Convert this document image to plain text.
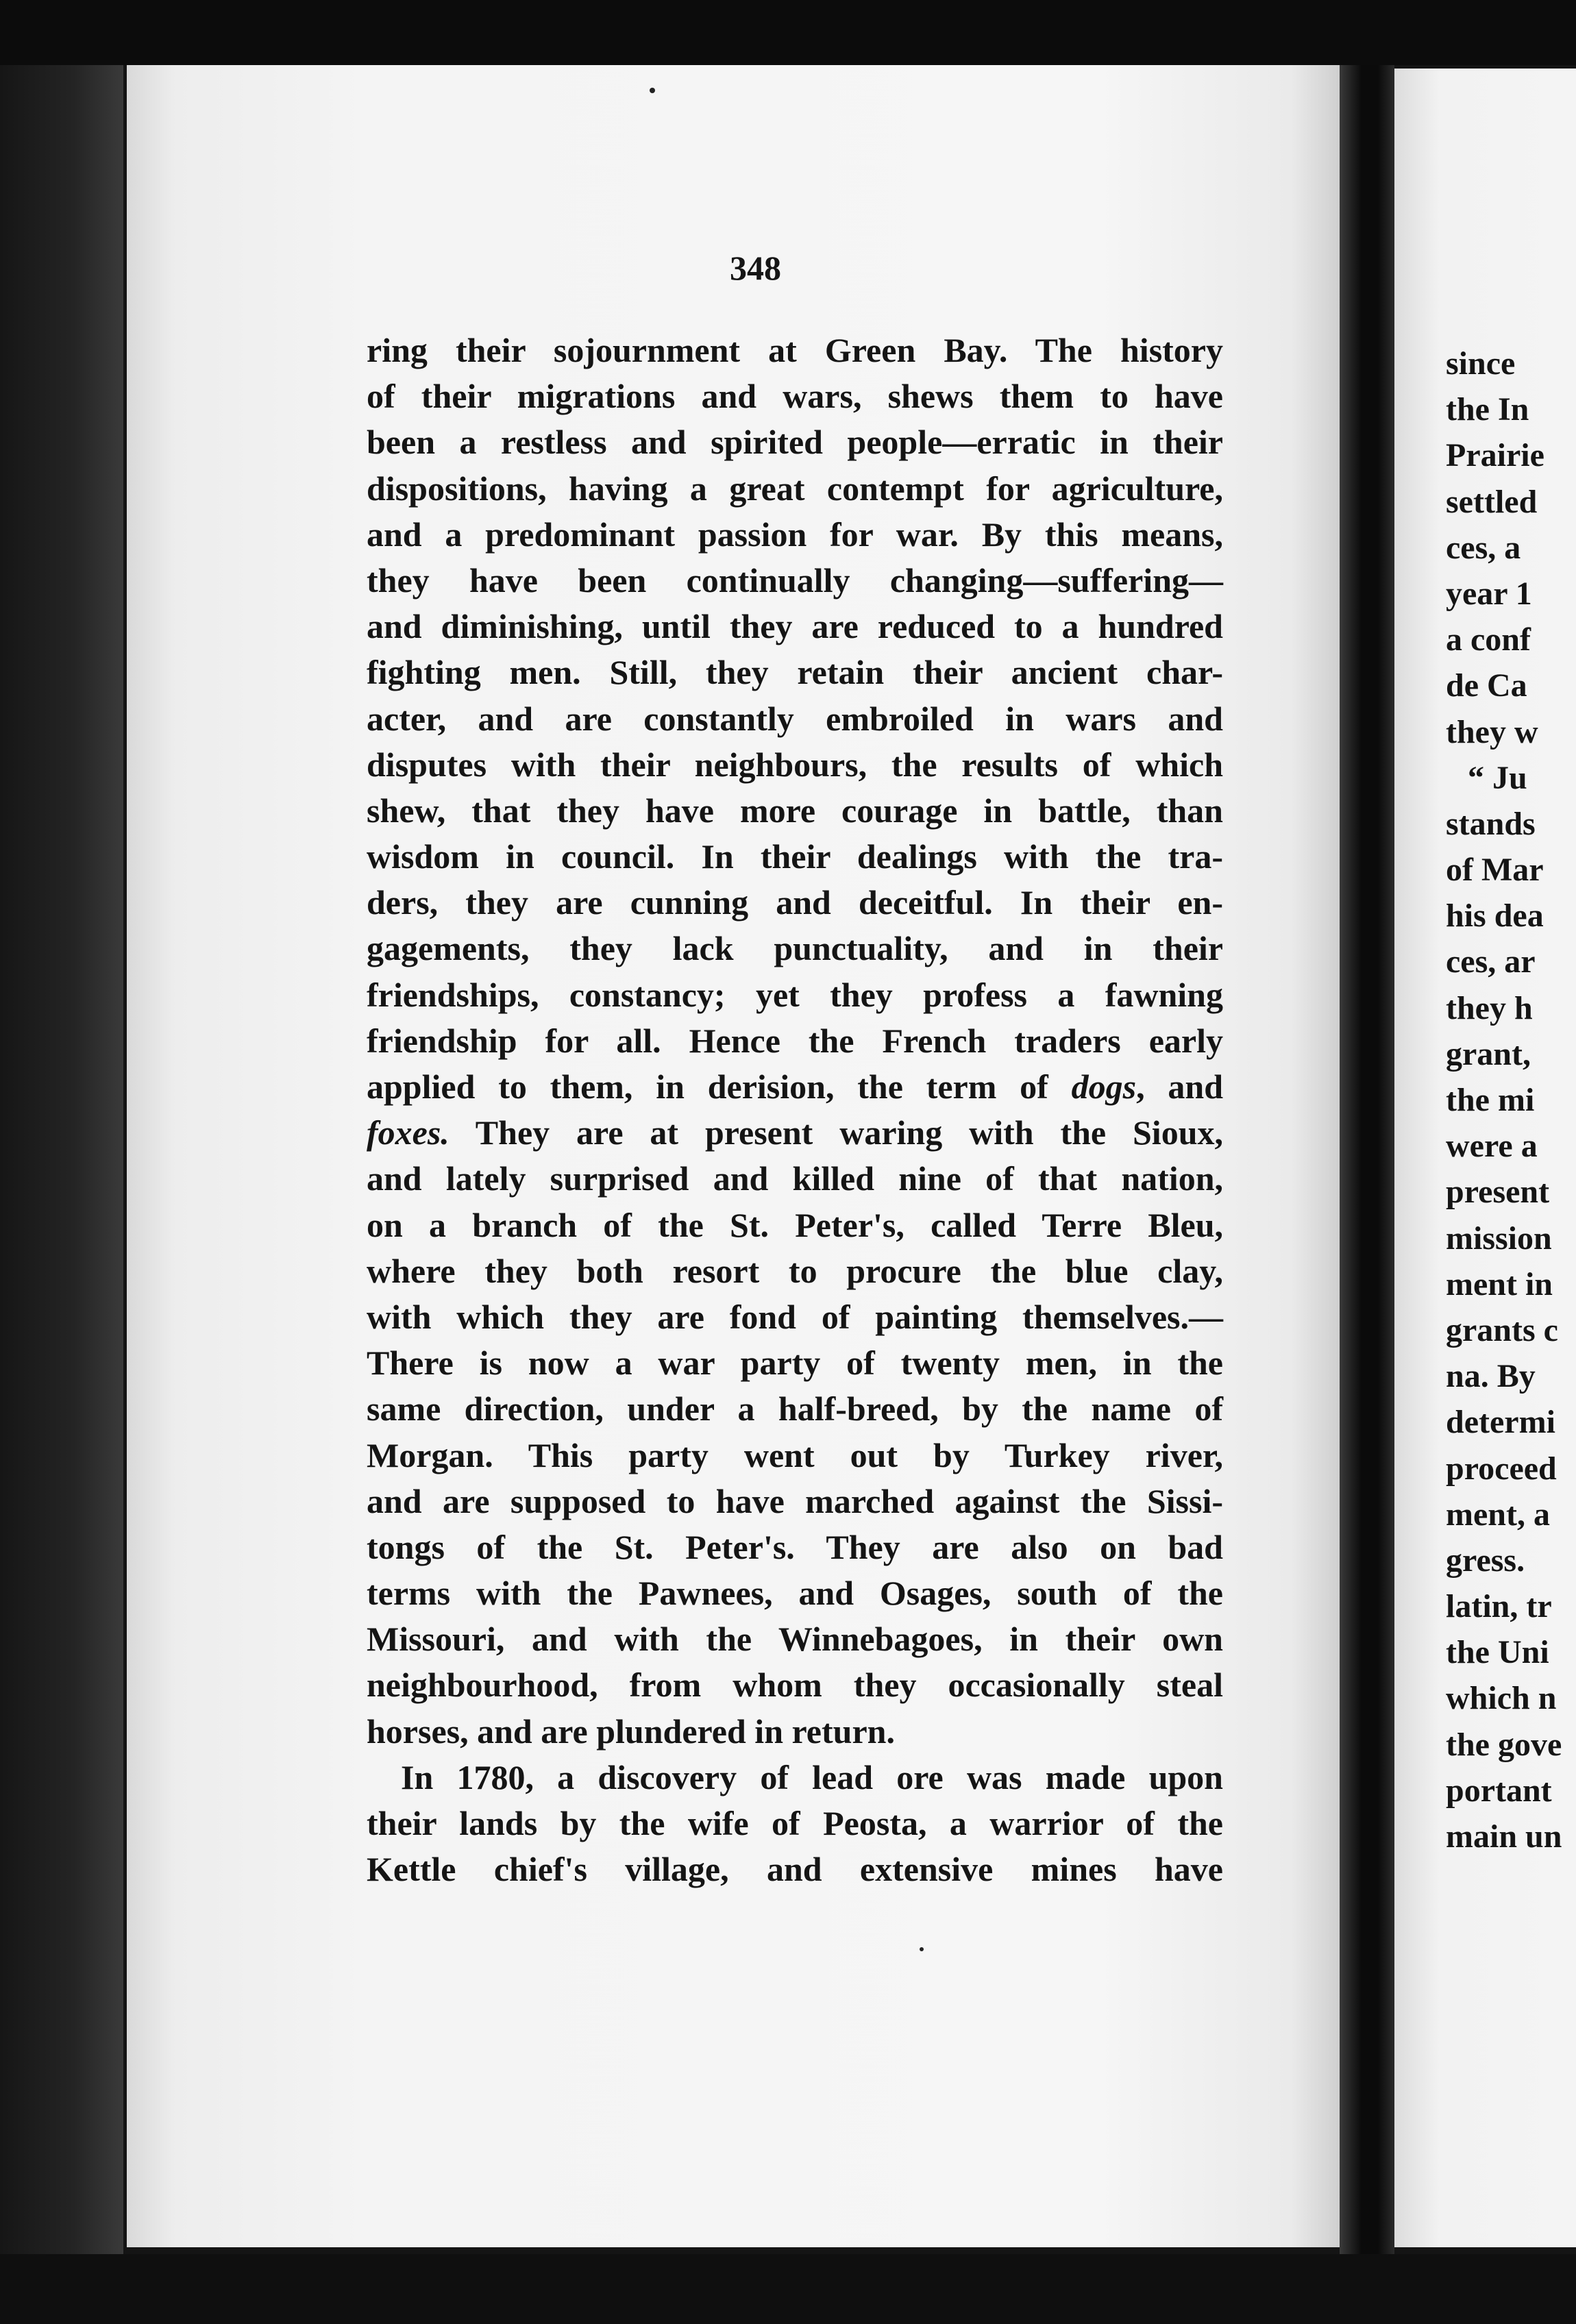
348
ring their sojournment at Green Bay. The history
of their migrations and wars, shews them to have
been a restless and spirited people—erratic in their
dispositions, having a great contempt for agriculture,
and a predominant passion for war. By this means,
they have been continually changing—suffering—
and diminishing, until they are reduced to a hundred
fighting men. Still, they retain their ancient char-
acter, and are constantly embroiled in wars and
disputes with their neighbours, the results of which
shew, that they have more courage in battle, than
wisdom in council. In their dealings with the tra-
ders, they are cunning and deceitful. In their en-
gagements, they lack punctuality, and in their
friendships, constancy; yet they profess a fawning
friendship for all. Hence the French traders early
applied to them, in derision, the term of dogs, and
foxes. They are at present waring with the Sioux,
and lately surprised and killed nine of that nation,
on a branch of the St. Peter's, called Terre Bleu,
where they both resort to procure the blue clay,
with which they are fond of painting themselves.—
There is now a war party of twenty men, in the
same direction, under a half-breed, by the name of
Morgan. This party went out by Turkey river,
and are supposed to have marched against the Sissi-
tongs of the St. Peter's. They are also on bad
terms with the Pawnees, and Osages, south of the
Missouri, and with the Winnebagoes, in their own
neighbourhood, from whom they occasionally steal
horses, and are plundered in return.
In 1780, a discovery of lead ore was made upon
their lands by the wife of Peosta, a warrior of the
Kettle chief's village, and extensive mines have
since
the In
Prairie
settled
ces, a
year 1
a conf
de Ca
they w
“ Ju
stands
of Mar
his dea
ces, ar
they h
grant,
the mi
were a
present
mission
ment in
grants c
na. By
determi
proceed
ment, a
gress.
latin, tr
the Uni
which n
the gove
portant
main un
